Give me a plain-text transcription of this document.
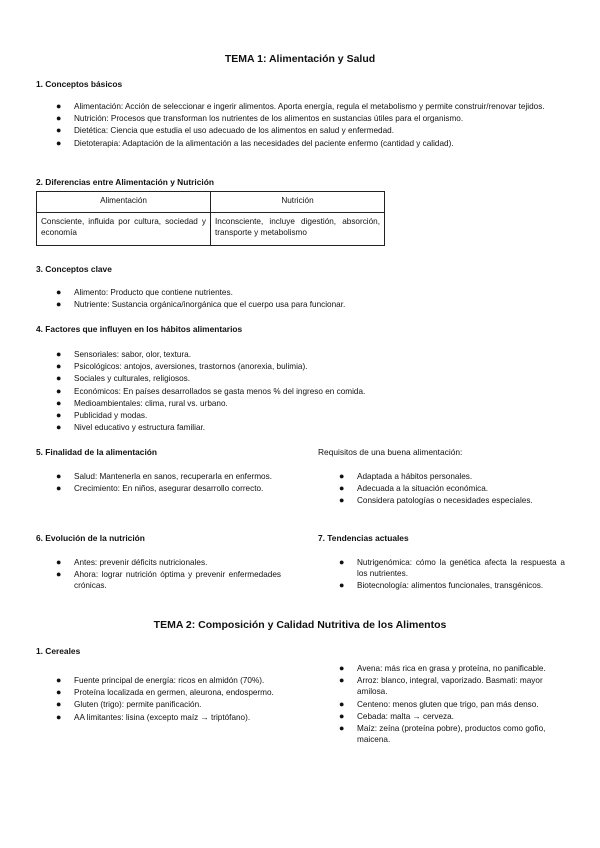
TEMA 1: Alimentación y Salud
1. Conceptos básicos
● Alimentación: Acción de seleccionar e ingerir alimentos. Aporta energía, regula el metabolismo y permite construir/renovar tejidos.
● Nutrición: Procesos que transforman los nutrientes de los alimentos en sustancias útiles para el organismo.
● Dietética: Ciencia que estudia el uso adecuado de los alimentos en salud y enfermedad.
● Dietoterapia: Adaptación de la alimentación a las necesidades del paciente enfermo (cantidad y calidad).
2. Diferencias entre Alimentación y Nutrición
Alimentación	Nutrición
Consciente, influida por cultura, sociedad y economía	Inconsciente, incluye digestión, absorción, transporte y metabolismo
3. Conceptos clave
● Alimento: Producto que contiene nutrientes.
● Nutriente: Sustancia orgánica/inorgánica que el cuerpo usa para funcionar.
4. Factores que influyen en los hábitos alimentarios
● Sensoriales: sabor, olor, textura.
● Psicológicos: antojos, aversiones, trastornos (anorexia, bulimia).
● Sociales y culturales, religiosos.
● Económicos: En países desarrollados se gasta menos % del ingreso en comida.
● Medioambientales: clima, rural vs. urbano.
● Publicidad y modas.
● Nivel educativo y estructura familiar.
5. Finalidad de la alimentación
● Salud: Mantenerla en sanos, recuperarla en enfermos.
● Crecimiento: En niños, asegurar desarrollo correcto.
Requisitos de una buena alimentación:
● Adaptada a hábitos personales.
● Adecuada a la situación económica.
● Considera patologías o necesidades especiales.
6. Evolución de la nutrición
● Antes: prevenir déficits nutricionales.
● Ahora: lograr nutrición óptima y prevenir enfermedades crónicas.
7. Tendencias actuales
● Nutrigenómica: cómo la genética afecta la respuesta a los nutrientes.
● Biotecnología: alimentos funcionales, transgénicos.
TEMA 2: Composición y Calidad Nutritiva de los Alimentos
1. Cereales
● Fuente principal de energía: ricos en almidón (70%).
● Proteína localizada en germen, aleurona, endospermo.
● Gluten (trigo): permite panificación.
● AA limitantes: lisina (excepto maíz → triptófano).
● Avena: más rica en grasa y proteína, no panificable.
● Arroz: blanco, integral, vaporizado. Basmati: mayor amilosa.
● Centeno: menos gluten que trigo, pan más denso.
● Cebada: malta → cerveza.
● Maíz: zeína (proteína pobre), productos como gofio, maicena.
